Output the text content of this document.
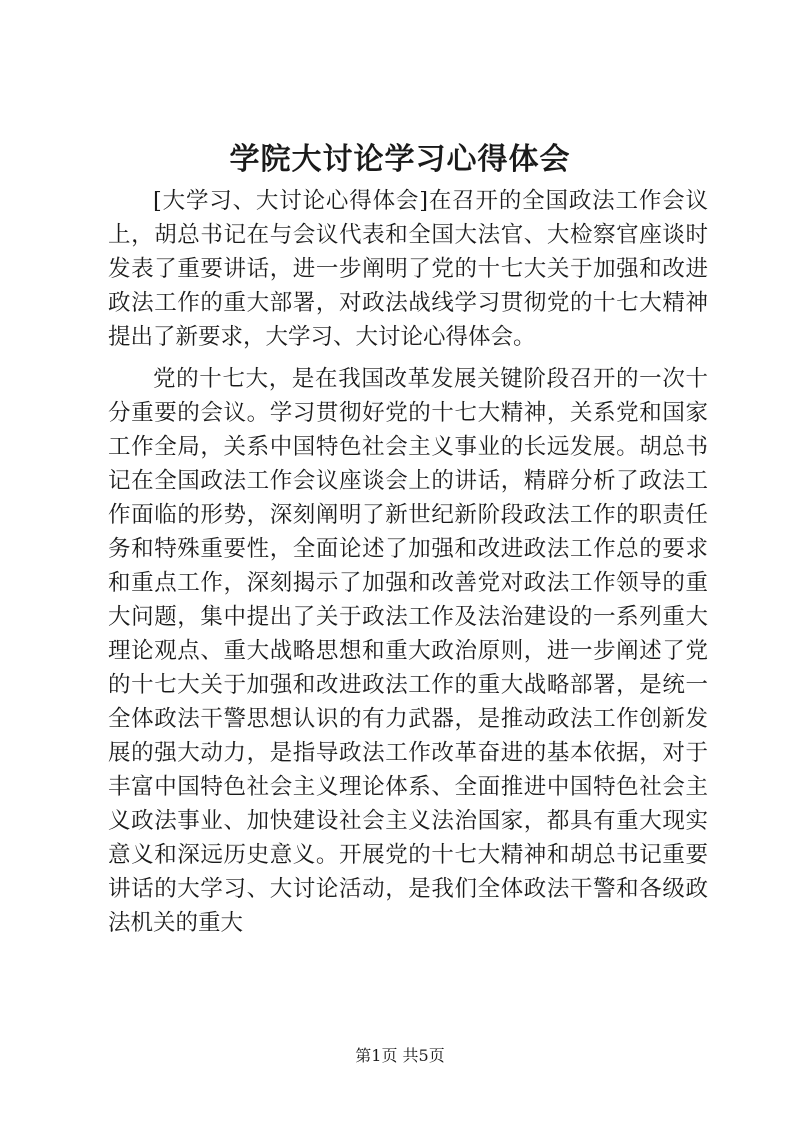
学院大讨论学习心得体会

[大学习、大讨论心得体会]在召开的全国政法工作会议上，胡总书记在与会议代表和全国大法官、大检察官座谈时发表了重要讲话，进一步阐明了党的十七大关于加强和改进政法工作的重大部署，对政法战线学习贯彻党的十七大精神提出了新要求，大学习、大讨论心得体会。

党的十七大，是在我国改革发展关键阶段召开的一次十分重要的会议。学习贯彻好党的十七大精神，关系党和国家工作全局，关系中国特色社会主义事业的长远发展。胡总书记在全国政法工作会议座谈会上的讲话，精辟分析了政法工作面临的形势，深刻阐明了新世纪新阶段政法工作的职责任务和特殊重要性，全面论述了加强和改进政法工作总的要求和重点工作，深刻揭示了加强和改善党对政法工作领导的重大问题，集中提出了关于政法工作及法治建设的一系列重大理论观点、重大战略思想和重大政治原则，进一步阐述了党的十七大关于加强和改进政法工作的重大战略部署，是统一全体政法干警思想认识的有力武器，是推动政法工作创新发展的强大动力，是指导政法工作改革奋进的基本依据，对于丰富中国特色社会主义理论体系、全面推进中国特色社会主义政法事业、加快建设社会主义法治国家，都具有重大现实意义和深远历史意义。开展党的十七大精神和胡总书记重要讲话的大学习、大讨论活动，是我们全体政法干警和各级政法机关的重大

第1页 共5页
